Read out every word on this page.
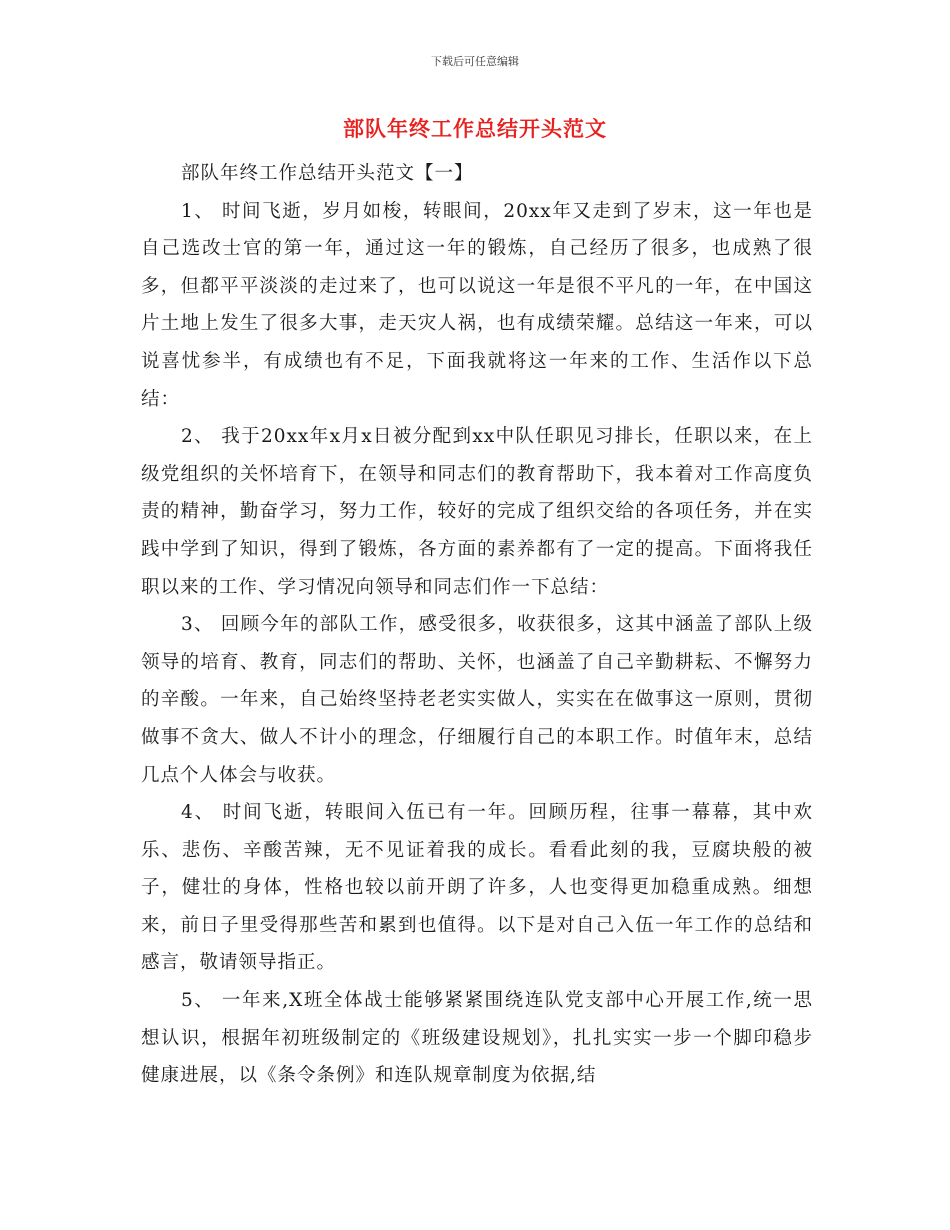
下载后可任意编辑
部队年终工作总结开头范文

部队年终工作总结开头范文【一】

1、 时间飞逝，岁月如梭，转眼间，20xx年又走到了岁末，这一年也是自己选改士官的第一年，通过这一年的锻炼，自己经历了很多，也成熟了很多，但都平平淡淡的走过来了，也可以说这一年是很不平凡的一年，在中国这片土地上发生了很多大事，走天灾人祸，也有成绩荣耀。总结这一年来，可以说喜忧参半，有成绩也有不足，下面我就将这一年来的工作、生活作以下总结：

2、 我于20xx年x月x日被分配到xx中队任职见习排长，任职以来，在上级党组织的关怀培育下，在领导和同志们的教育帮助下，我本着对工作高度负责的精神，勤奋学习，努力工作，较好的完成了组织交给的各项任务，并在实践中学到了知识，得到了锻炼，各方面的素养都有了一定的提高。下面将我任职以来的工作、学习情况向领导和同志们作一下总结：

3、 回顾今年的部队工作，感受很多，收获很多，这其中涵盖了部队上级领导的培育、教育，同志们的帮助、关怀，也涵盖了自己辛勤耕耘、不懈努力的辛酸。一年来，自己始终坚持老老实实做人，实实在在做事这一原则，贯彻做事不贪大、做人不计小的理念，仔细履行自己的本职工作。时值年末，总结几点个人体会与收获。

4、 时间飞逝，转眼间入伍已有一年。回顾历程，往事一幕幕，其中欢乐、悲伤、辛酸苦辣，无不见证着我的成长。看看此刻的我，豆腐块般的被子，健壮的身体，性格也较以前开朗了许多，人也变得更加稳重成熟。细想来，前日子里受得那些苦和累到也值得。以下是对自己入伍一年工作的总结和感言，敬请领导指正。

5、 一年来,X班全体战士能够紧紧围绕连队党支部中心开展工作,统一思想认识，根据年初班级制定的《班级建设规划》，扎扎实实一步一个脚印稳步健康进展，以《条令条例》和连队规章制度为依据,结
